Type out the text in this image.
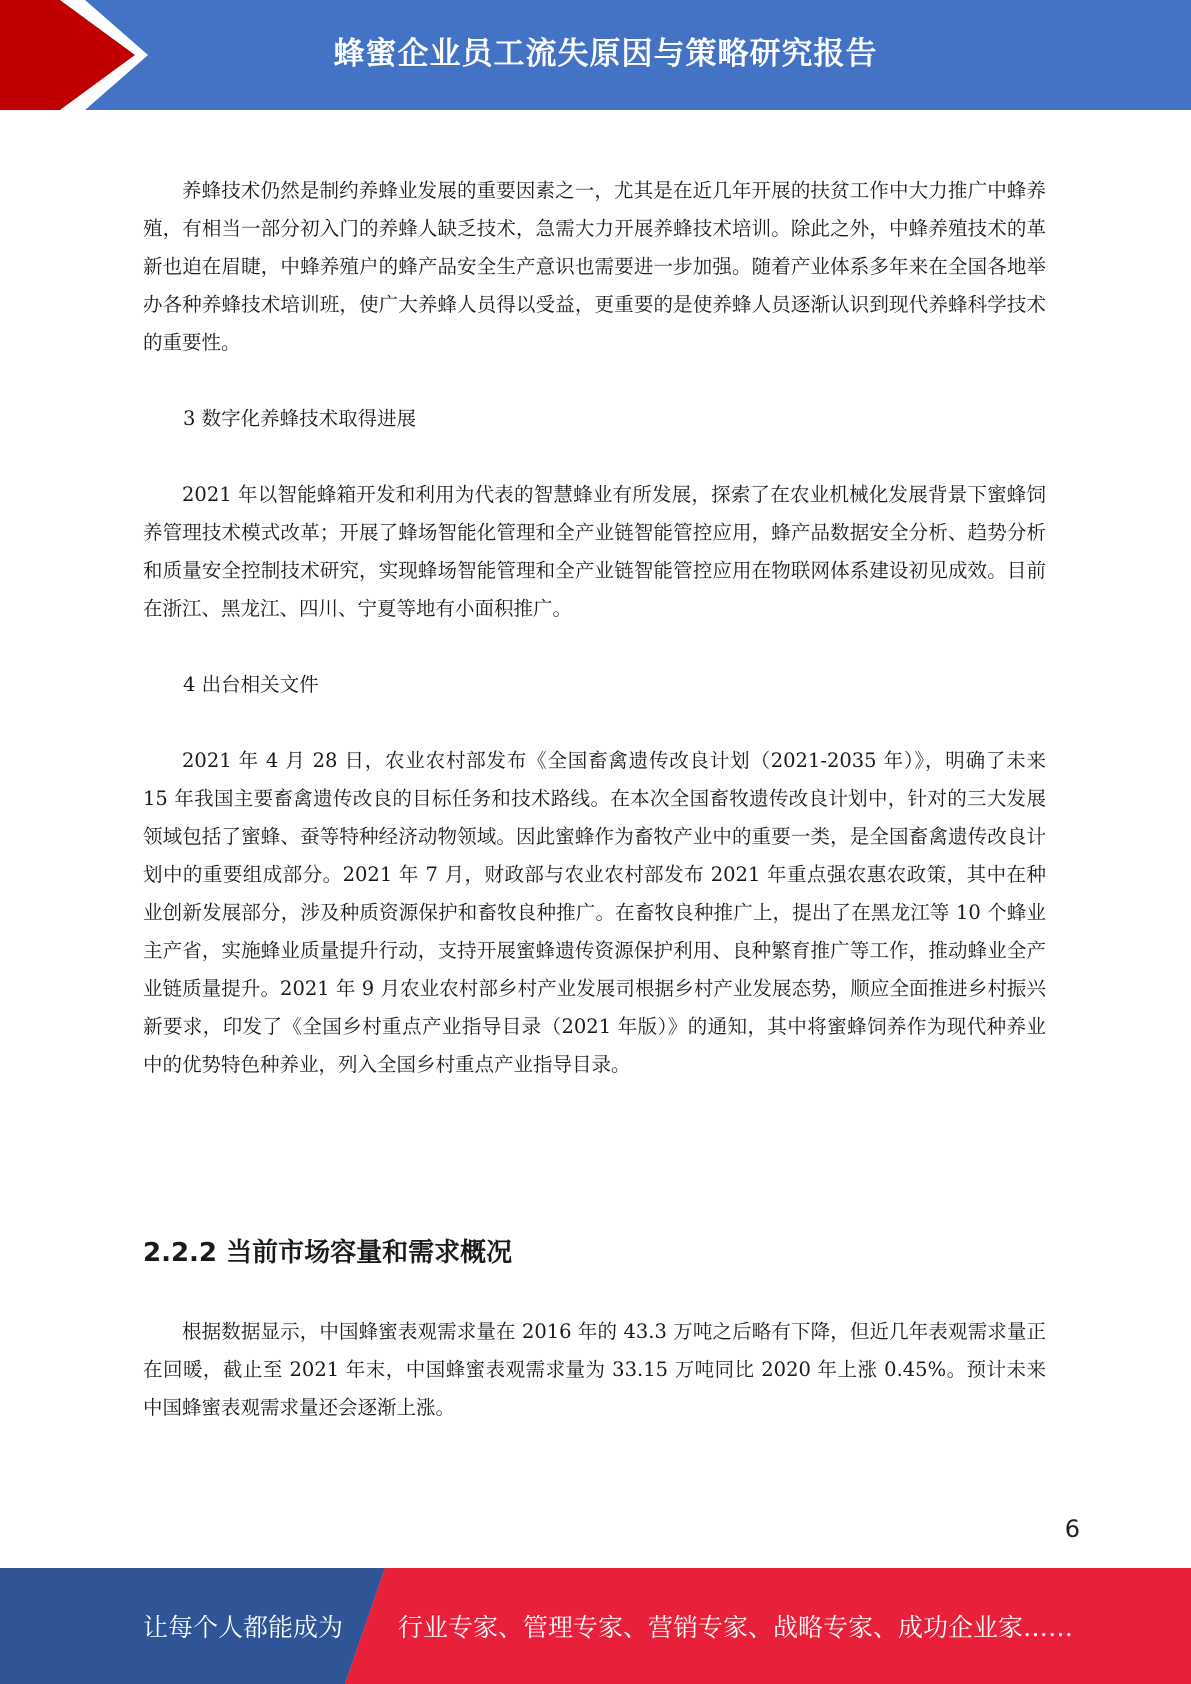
蜂蜜企业员工流失原因与策略研究报告

养蜂技术仍然是制约养蜂业发展的重要因素之一，尤其是在近几年开展的扶贫工作中大力推广中蜂养殖，有相当一部分初入门的养蜂人缺乏技术，急需大力开展养蜂技术培训。除此之外，中蜂养殖技术的革新也迫在眉睫，中蜂养殖户的蜂产品安全生产意识也需要进一步加强。随着产业体系多年来在全国各地举办各种养蜂技术培训班，使广大养蜂人员得以受益，更重要的是使养蜂人员逐渐认识到现代养蜂科学技术的重要性。

3 数字化养蜂技术取得进展

2021 年以智能蜂箱开发和利用为代表的智慧蜂业有所发展，探索了在农业机械化发展背景下蜜蜂饲养管理技术模式改革；开展了蜂场智能化管理和全产业链智能管控应用，蜂产品数据安全分析、趋势分析和质量安全控制技术研究，实现蜂场智能管理和全产业链智能管控应用在物联网体系建设初见成效。目前在浙江、黑龙江、四川、宁夏等地有小面积推广。

4 出台相关文件

2021 年 4 月 28 日，农业农村部发布《全国畜禽遗传改良计划（2021-2035 年）》，明确了未来 15 年我国主要畜禽遗传改良的目标任务和技术路线。在本次全国畜牧遗传改良计划中，针对的三大发展领域包括了蜜蜂、蚕等特种经济动物领域。因此蜜蜂作为畜牧产业中的重要一类，是全国畜禽遗传改良计划中的重要组成部分。2021 年 7 月，财政部与农业农村部发布 2021 年重点强农惠农政策，其中在种业创新发展部分，涉及种质资源保护和畜牧良种推广。在畜牧良种推广上，提出了在黑龙江等 10 个蜂业主产省，实施蜂业质量提升行动，支持开展蜜蜂遗传资源保护利用、良种繁育推广等工作，推动蜂业全产业链质量提升。2021 年 9 月农业农村部乡村产业发展司根据乡村产业发展态势，顺应全面推进乡村振兴新要求，印发了《全国乡村重点产业指导目录（2021 年版）》的通知，其中将蜜蜂饲养作为现代种养业中的优势特色种养业，列入全国乡村重点产业指导目录。

2.2.2 当前市场容量和需求概况

根据数据显示，中国蜂蜜表观需求量在 2016 年的 43.3 万吨之后略有下降，但近几年表观需求量正在回暖，截止至 2021 年末，中国蜂蜜表观需求量为 33.15 万吨同比 2020 年上涨 0.45%。预计未来中国蜂蜜表观需求量还会逐渐上涨。

6
让每个人都能成为 行业专家、管理专家、营销专家、战略专家、成功企业家……
